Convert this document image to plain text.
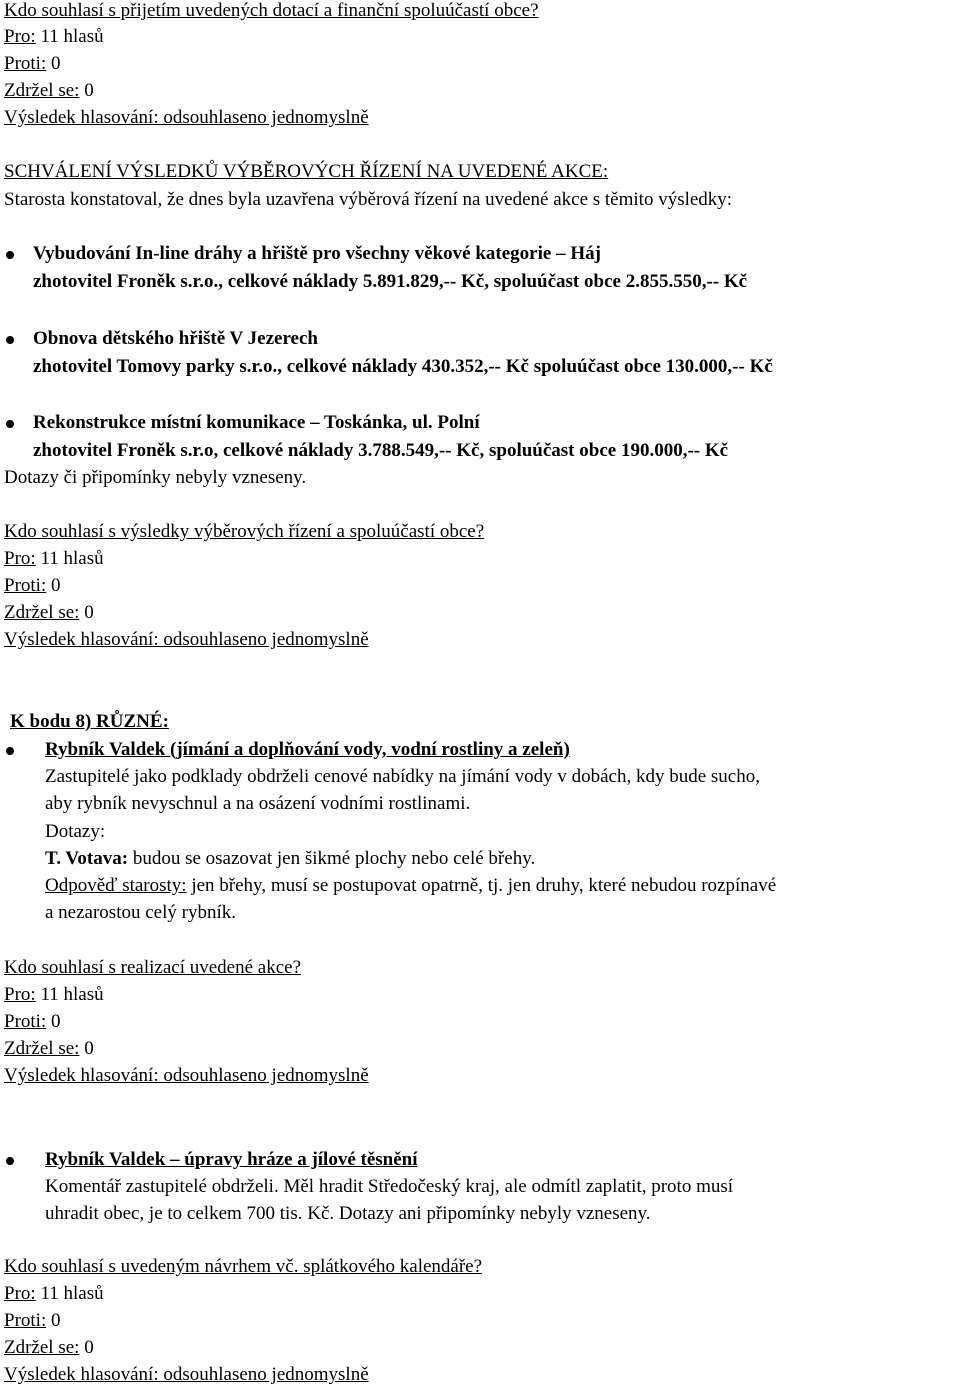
Kdo souhlasí s přijetím uvedených dotací a finanční spoluúčastí obce?
Pro: 11 hlasů
Proti: 0
Zdržel se: 0
Výsledek hlasování: odsouhlaseno jednomyslně
SCHVÁLENÍ VÝSLEDKŮ VÝBĚROVÝCH ŘÍZENÍ NA UVEDENÉ AKCE:
Starosta konstatoval, že dnes byla uzavřena výběrová řízení na uvedené akce s těmito výsledky:
Vybudování In-line dráhy a hřiště pro všechny věkové kategorie – Háj
zhotovitel Froněk s.r.o., celkové náklady 5.891.829,-- Kč, spoluúčast obce 2.855.550,-- Kč
Obnova dětského hřiště V Jezerech
zhotovitel Tomovy parky s.r.o., celkové náklady 430.352,-- Kč spoluúčast obce 130.000,-- Kč
Rekonstrukce místní komunikace – Toskánka, ul. Polní
zhotovitel Froněk s.r.o, celkové náklady 3.788.549,-- Kč, spoluúčast obce 190.000,-- Kč
Dotazy či připomínky nebyly vzneseny.
Kdo souhlasí s výsledky výběrových řízení a spoluúčastí obce?
Pro: 11 hlasů
Proti: 0
Zdržel se: 0
Výsledek hlasování: odsouhlaseno jednomyslně
K bodu 8) RŮZNÉ:
Rybník Valdek (jímání a doplňování vody, vodní rostliny a zeleň)
Zastupitelé jako podklady obdrželi cenové nabídky na jímání vody v dobách, kdy bude sucho,
aby rybník nevyschnul a na osázení vodními rostlinami.
Dotazy:
T. Votava: budou se osazovat jen šikmé plochy nebo celé břehy.
Odpověď starosty: jen břehy, musí se postupovat opatrně, tj. jen druhy, které nebudou rozpínavé
a nezarostou celý rybník.
Kdo souhlasí s realizací uvedené akce?
Pro: 11 hlasů
Proti: 0
Zdržel se: 0
Výsledek hlasování: odsouhlaseno jednomyslně
Rybník Valdek – úpravy hráze a jílové těsnění
Komentář zastupitelé obdrželi. Měl hradit Středočeský kraj, ale odmítl zaplatit, proto musí
uhradit obec, je to celkem 700 tis. Kč. Dotazy ani připomínky nebyly vzneseny.
Kdo souhlasí s uvedeným návrhem vč. splátkového kalendáře?
Pro: 11 hlasů
Proti: 0
Zdržel se: 0
Výsledek hlasování: odsouhlaseno jednomyslně
